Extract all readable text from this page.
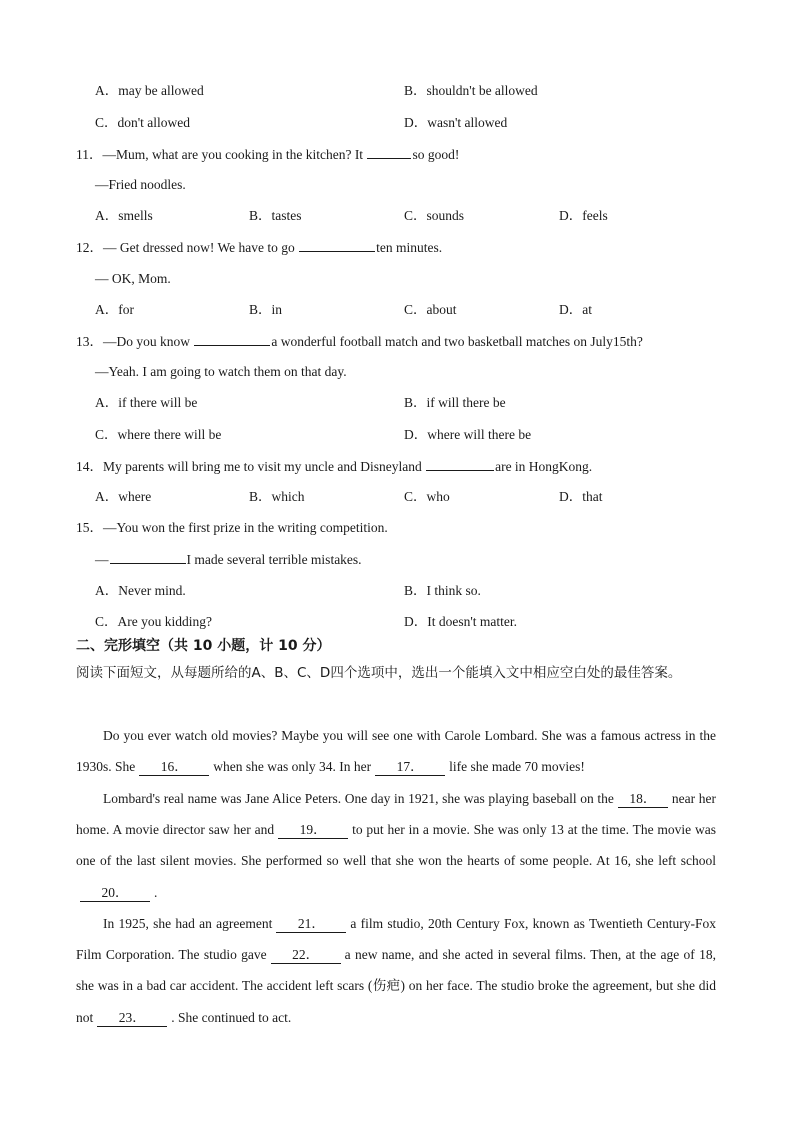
A．may be allowed	B．shouldn't be allowed
C．don't allowed	D．wasn't allowed
11．—Mum, what are you cooking in the kitchen? It	so good!
—Fried noodles.
A．smells	B．tastes	C．sounds	D．feels
12．— Get dressed now! We have to go	ten minutes.
— OK, Mom.
A．for	B．in	C．about	D．at
13．—Do you know	a wonderful football match and two basketball matches on July15th?
—Yeah. I am going to watch them on that day.
A．if there will be	B．if will there be
C．where there will be	D．where will there be
14．My parents will bring me to visit my uncle and Disneyland	are in HongKong.
A．where	B．which	C．who	D．that
15．—You won the first prize in the writing competition.
—	I made several terrible mistakes.
A．Never mind.	B．I think so.
C．Are you kidding?	D．It doesn't matter.
二、完形填空（共 10 小题，计 10 分）
阅读下面短文，从每题所给的A、B、C、D四个选项中，选出一个能填入文中相应空白处的最佳答案。
Do you ever watch old movies? Maybe you will see one with Carole Lombard. She was a famous actress in the 1930s. She 16． when she was only 34. In her 17． life she made 70 movies!
Lombard's real name was Jane Alice Peters. One day in 1921, she was playing baseball on the 18． near her home. A movie director saw her and 19． to put her in a movie. She was only 13 at the time. The movie was one of the last silent movies. She performed so well that she won the hearts of some people. At 16, she left school20． .
In 1925, she had an agreement 21． a film studio, 20th Century Fox, known as Twentieth Century-Fox Film Corporation. The studio gave 22． a new name, and she acted in several films. Then, at the age of 18, she was in a bad car accident. The accident left scars (伤疤) on her face. The studio broke the agreement, but she did not 23． . She continued to act.
